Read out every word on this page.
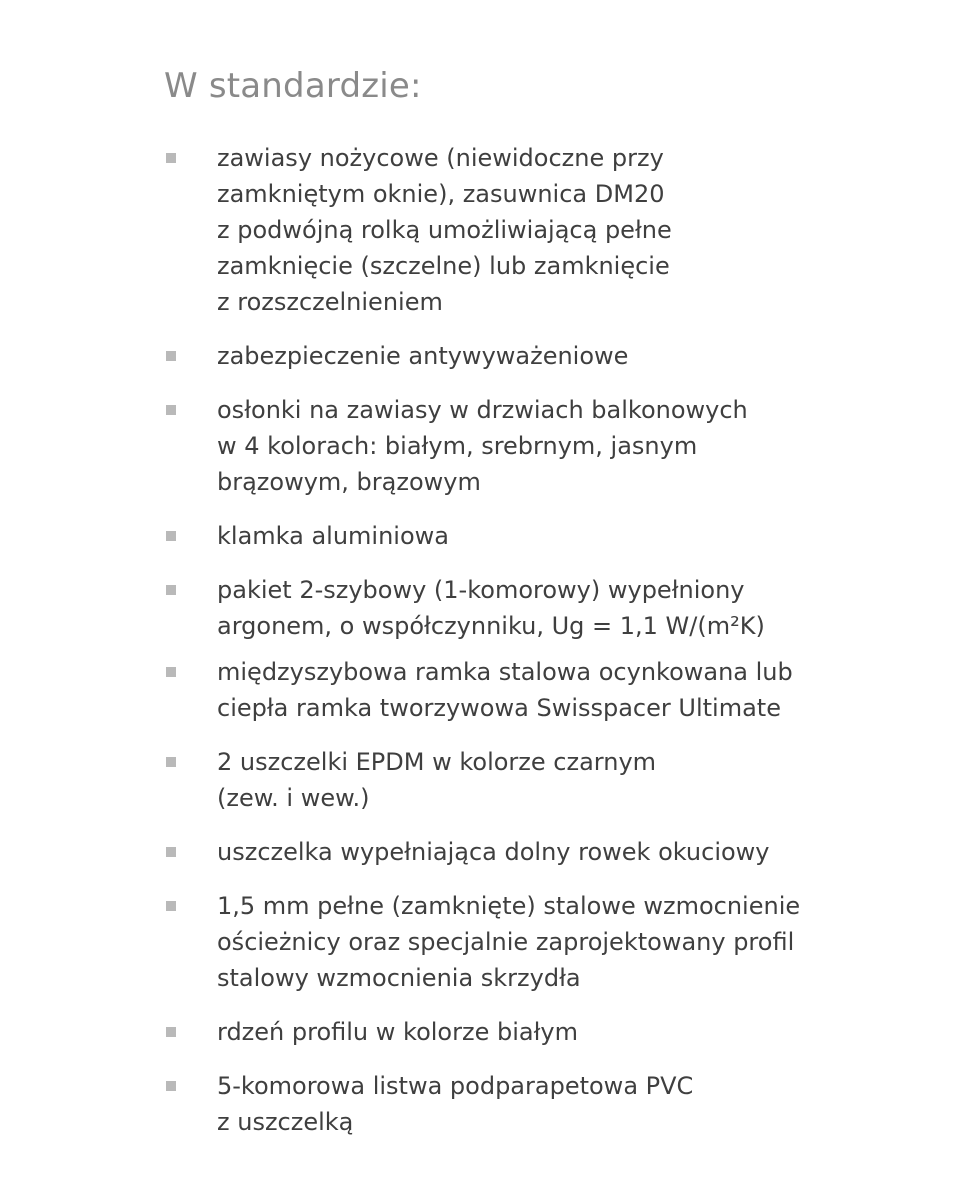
W standardzie:
zawiasy nożycowe (niewidoczne przy
zamkniętym oknie), zasuwnica DM20
z podwójną rolką umożliwiającą pełne
zamknięcie (szczelne) lub zamknięcie
z rozszczelnieniem
zabezpieczenie antywyważeniowe
osłonki na zawiasy w drzwiach balkonowych
w 4 kolorach: białym, srebrnym, jasnym
brązowym, brązowym
klamka aluminiowa
pakiet 2-szybowy (1-komorowy) wypełniony
argonem, o współczynniku, Ug = 1,1 W/(m²K)
międzyszybowa ramka stalowa ocynkowana lub
ciepła ramka tworzywowa Swisspacer Ultimate
2 uszczelki EPDM w kolorze czarnym
(zew. i wew.)
uszczelka wypełniająca dolny rowek okuciowy
1,5 mm pełne (zamknięte) stalowe wzmocnienie
ościeżnicy oraz specjalnie zaprojektowany profil
stalowy wzmocnienia skrzydła
rdzeń profilu w kolorze białym
5-komorowa listwa podparapetowa PVC
z uszczelką
